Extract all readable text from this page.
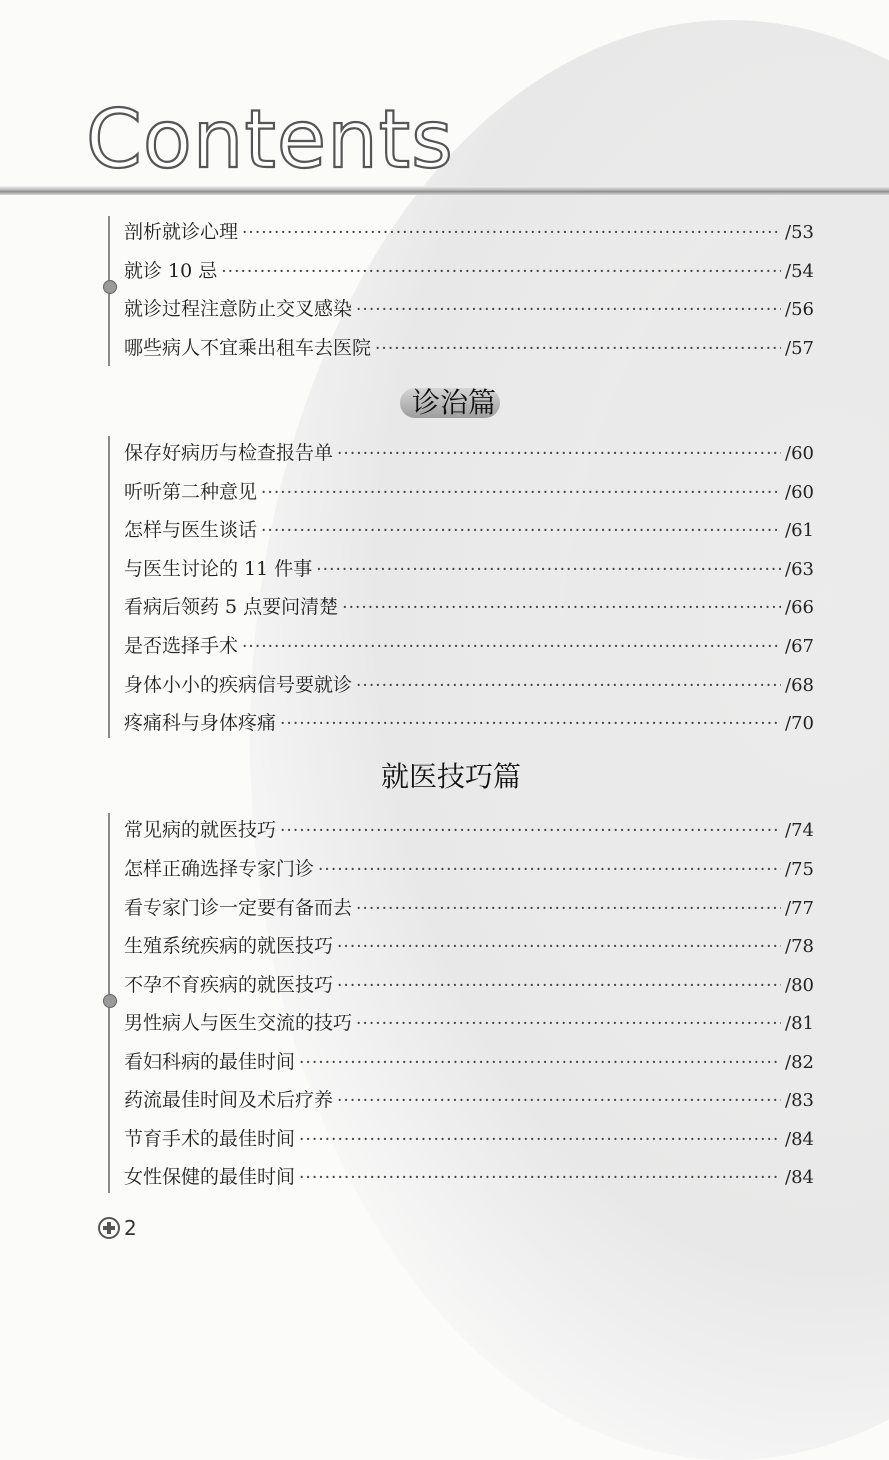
Contents
剖析就诊心理 ·····	/53
就诊 10 忌 ·····	/54
就诊过程注意防止交叉感染 ·····	/56
哪些病人不宜乘出租车去医院 ·····	/57
诊治篇
保存好病历与检查报告单 ·····	/60
听听第二种意见 ·····	/60
怎样与医生谈话 ·····	/61
与医生讨论的 11 件事 ·····	/63
看病后领药 5 点要问清楚 ·····	/66
是否选择手术 ·····	/67
身体小小的疾病信号要就诊 ·····	/68
疼痛科与身体疼痛 ·····	/70
就医技巧篇
常见病的就医技巧 ·····	/74
怎样正确选择专家门诊 ·····	/75
看专家门诊一定要有备而去 ·····	/77
生殖系统疾病的就医技巧 ·····	/78
不孕不育疾病的就医技巧 ·····	/80
男性病人与医生交流的技巧 ·····	/81
看妇科病的最佳时间 ·····	/82
药流最佳时间及术后疗养 ·····	/83
节育手术的最佳时间 ·····	/84
女性保健的最佳时间 ·····	/84
2
